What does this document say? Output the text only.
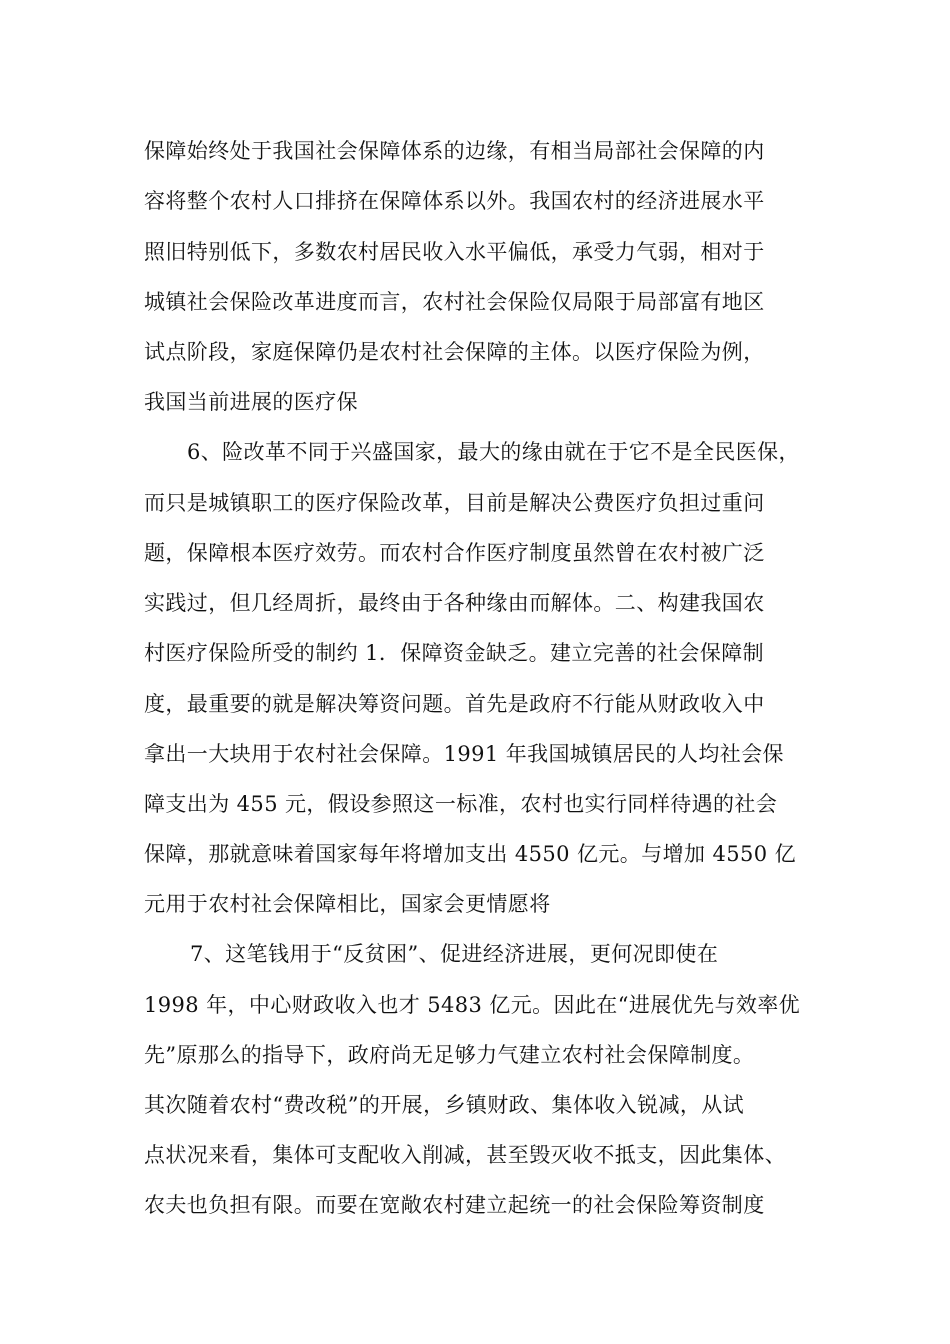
保障始终处于我国社会保障体系的边缘，有相当局部社会保障的内
容将整个农村人口排挤在保障体系以外。我国农村的经济进展水平
照旧特别低下，多数农村居民收入水平偏低，承受力气弱，相对于
城镇社会保险改革进度而言，农村社会保险仅局限于局部富有地区
试点阶段，家庭保障仍是农村社会保障的主体。以医疗保险为例，
我国当前进展的医疗保
6、险改革不同于兴盛国家，最大的缘由就在于它不是全民医保，
而只是城镇职工的医疗保险改革，目前是解决公费医疗负担过重问
题，保障根本医疗效劳。而农村合作医疗制度虽然曾在农村被广泛
实践过，但几经周折，最终由于各种缘由而解体。二、构建我国农
村医疗保险所受的制约 1．保障资金缺乏。建立完善的社会保障制
度，最重要的就是解决筹资问题。首先是政府不行能从财政收入中
拿出一大块用于农村社会保障。1991 年我国城镇居民的人均社会保
障支出为 455 元，假设参照这一标准，农村也实行同样待遇的社会
保障，那就意味着国家每年将增加支出 4550 亿元。与增加 4550 亿
元用于农村社会保障相比，国家会更情愿将
7、这笔钱用于“反贫困”、促进经济进展，更何况即使在
1998 年，中心财政收入也才 5483 亿元。因此在“进展优先与效率优
先”原那么的指导下，政府尚无足够力气建立农村社会保障制度。
其次随着农村“费改税”的开展，乡镇财政、集体收入锐减，从试
点状况来看，集体可支配收入削减，甚至毁灭收不抵支，因此集体、
农夫也负担有限。而要在宽敞农村建立起统一的社会保险筹资制度
